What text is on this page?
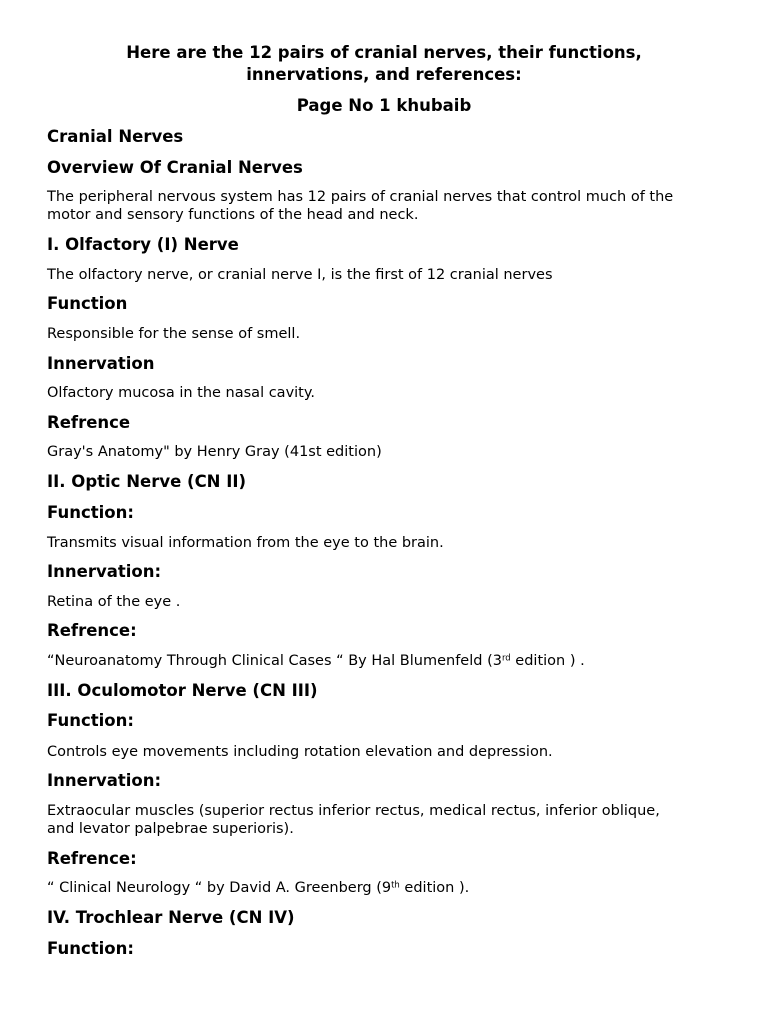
Here are the 12 pairs of cranial nerves, their functions,
innervations, and references:
Page No 1 khubaib
Cranial Nerves
Overview Of Cranial Nerves
The peripheral nervous system has 12 pairs of cranial nerves that control much of the
motor and sensory functions of the head and neck.
I. Olfactory (I) Nerve
The olfactory nerve, or cranial nerve I, is the first of 12 cranial nerves
Function
Responsible for the sense of smell.
Innervation
Olfactory mucosa in the nasal cavity.
Refrence
Gray's Anatomy" by Henry Gray (41st edition)
II. Optic Nerve (CN II)
Function:
Transmits visual information from the eye to the brain.
Innervation:
Retina of the eye .
Refrence:
“Neuroanatomy Through Clinical Cases “ By Hal Blumenfeld (3rd edition ) .
III. Oculomotor Nerve (CN III)
Function:
Controls eye movements including rotation elevation and depression.
Innervation:
Extraocular muscles (superior rectus inferior rectus, medical rectus, inferior oblique,
and levator palpebrae superioris).
Refrence:
“ Clinical Neurology “ by David A. Greenberg (9th edition ).
IV. Trochlear Nerve (CN IV)
Function:
